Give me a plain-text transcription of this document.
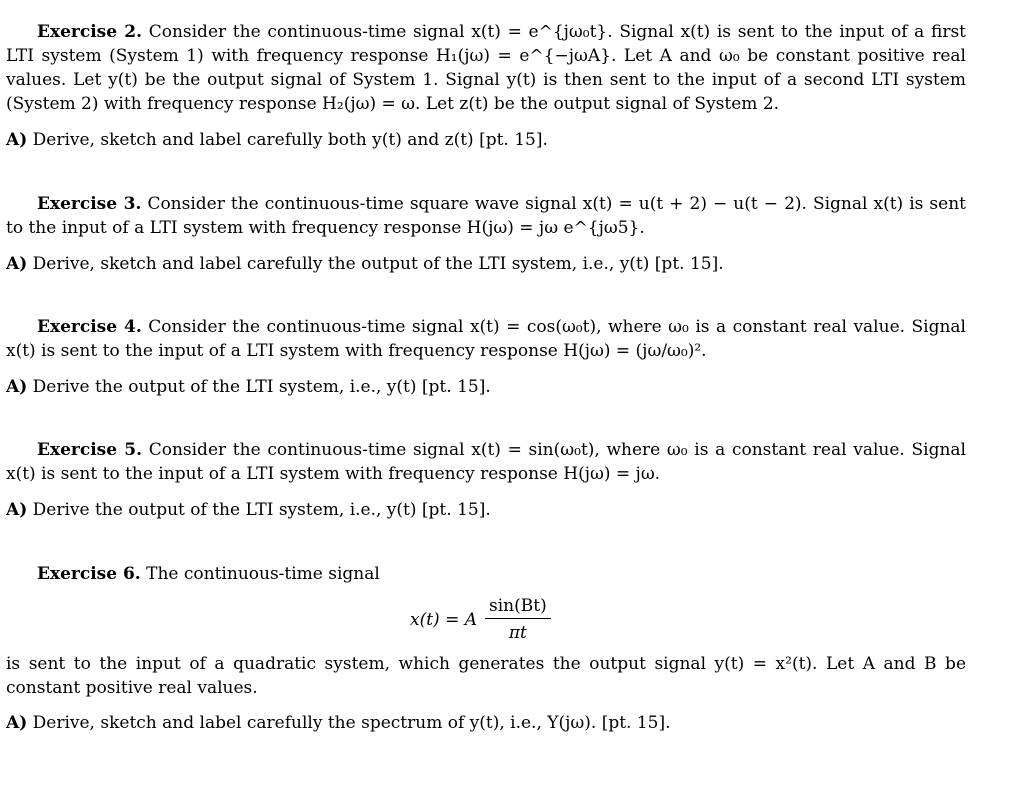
Exercise 2. Consider the continuous-time signal x(t) = e^{jω₀t}. Signal x(t) is sent to the input of a first LTI system (System 1) with frequency response H₁(jω) = e^{−jωA}. Let A and ω₀ be constant positive real values. Let y(t) be the output signal of System 1. Signal y(t) is then sent to the input of a second LTI system (System 2) with frequency response H₂(jω) = ω. Let z(t) be the output signal of System 2.

A) Derive, sketch and label carefully both y(t) and z(t) [pt. 15].

Exercise 3. Consider the continuous-time square wave signal x(t) = u(t + 2) − u(t − 2). Signal x(t) is sent to the input of a LTI system with frequency response H(jω) = jω e^{jω5}.

A) Derive, sketch and label carefully the output of the LTI system, i.e., y(t) [pt. 15].

Exercise 4. Consider the continuous-time signal x(t) = cos(ω₀t), where ω₀ is a constant real value. Signal x(t) is sent to the input of a LTI system with frequency response H(jω) = (jω/ω₀)².

A) Derive the output of the LTI system, i.e., y(t) [pt. 15].

Exercise 5. Consider the continuous-time signal x(t) = sin(ω₀t), where ω₀ is a constant real value. Signal x(t) is sent to the input of a LTI system with frequency response H(jω) = jω.

A) Derive the output of the LTI system, i.e., y(t) [pt. 15].

Exercise 6. The continuous-time signal

x(t) = A $\frac{\sin(Bt)}{\pi t}$

is sent to the input of a quadratic system, which generates the output signal y(t) = x²(t). Let A and B be constant positive real values.

A) Derive, sketch and label carefully the spectrum of y(t), i.e., Y(jω). [pt. 15].
